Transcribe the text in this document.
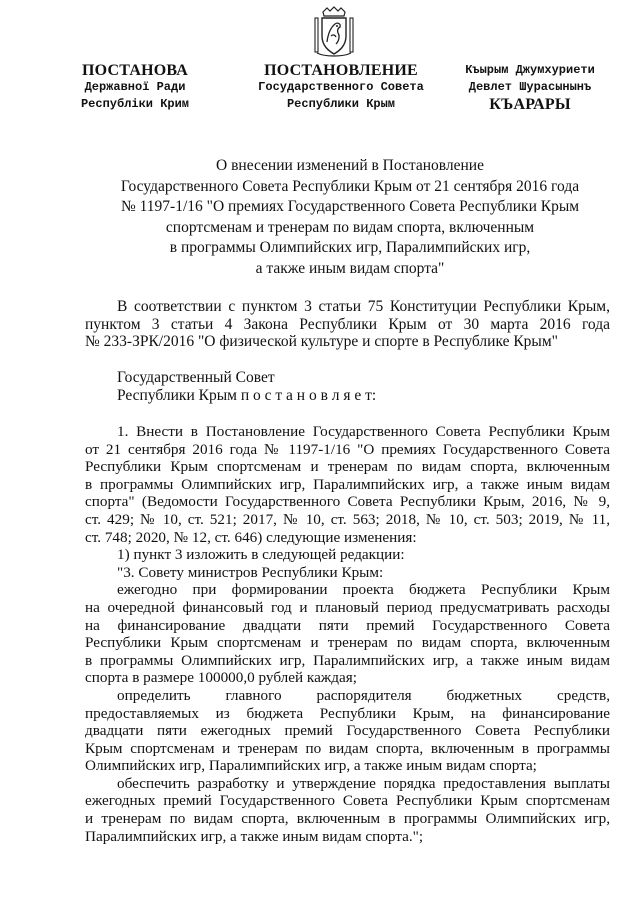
ПОСТАНОВА
Державної Ради
Республіки Крим
ПОСТАНОВЛЕНИЕ
Государственного Совета
Республики Крым
Къырым Джумхуриети
Девлет Шурасынынъ
КЪАРАРЫ
О внесении изменений в Постановление
Государственного Совета Республики Крым от 21 сентября 2016 года
№ 1197-1/16 "О премиях Государственного Совета Республики Крым
спортсменам и тренерам по видам спорта, включенным
в программы Олимпийских игр, Паралимпийских игр,
а также иным видам спорта"
В соответствии с пунктом 3 статьи 75 Конституции Республики Крым,
пунктом 3 статьи 4 Закона Республики Крым от 30 марта 2016 года
№ 233-ЗРК/2016 "О физической культуре и спорте в Республике Крым"
Государственный Совет
Республики Крым п о с т а н о в л я е т:
1. Внести в Постановление Государственного Совета Республики Крым
от 21 сентября 2016 года № 1197-1/16 "О премиях Государственного Совета
Республики Крым спортсменам и тренерам по видам спорта, включенным
в программы Олимпийских игр, Паралимпийских игр, а также иным видам
спорта" (Ведомости Государственного Совета Республики Крым, 2016, № 9,
ст. 429; № 10, ст. 521; 2017, № 10, ст. 563; 2018, № 10, ст. 503; 2019, № 11,
ст. 748; 2020, № 12, ст. 646) следующие изменения:
1) пункт 3 изложить в следующей редакции:
"3. Совету министров Республики Крым:
ежегодно при формировании проекта бюджета Республики Крым
на очередной финансовый год и плановый период предусматривать расходы
на финансирование двадцати пяти премий Государственного Совета
Республики Крым спортсменам и тренерам по видам спорта, включенным
в программы Олимпийских игр, Паралимпийских игр, а также иным видам
спорта в размере 100000,0 рублей каждая;
определить главного распорядителя бюджетных средств,
предоставляемых из бюджета Республики Крым, на финансирование
двадцати пяти ежегодных премий Государственного Совета Республики
Крым спортсменам и тренерам по видам спорта, включенным в программы
Олимпийских игр, Паралимпийских игр, а также иным видам спорта;
обеспечить разработку и утверждение порядка предоставления выплаты
ежегодных премий Государственного Совета Республики Крым спортсменам
и тренерам по видам спорта, включенным в программы Олимпийских игр,
Паралимпийских игр, а также иным видам спорта.";
